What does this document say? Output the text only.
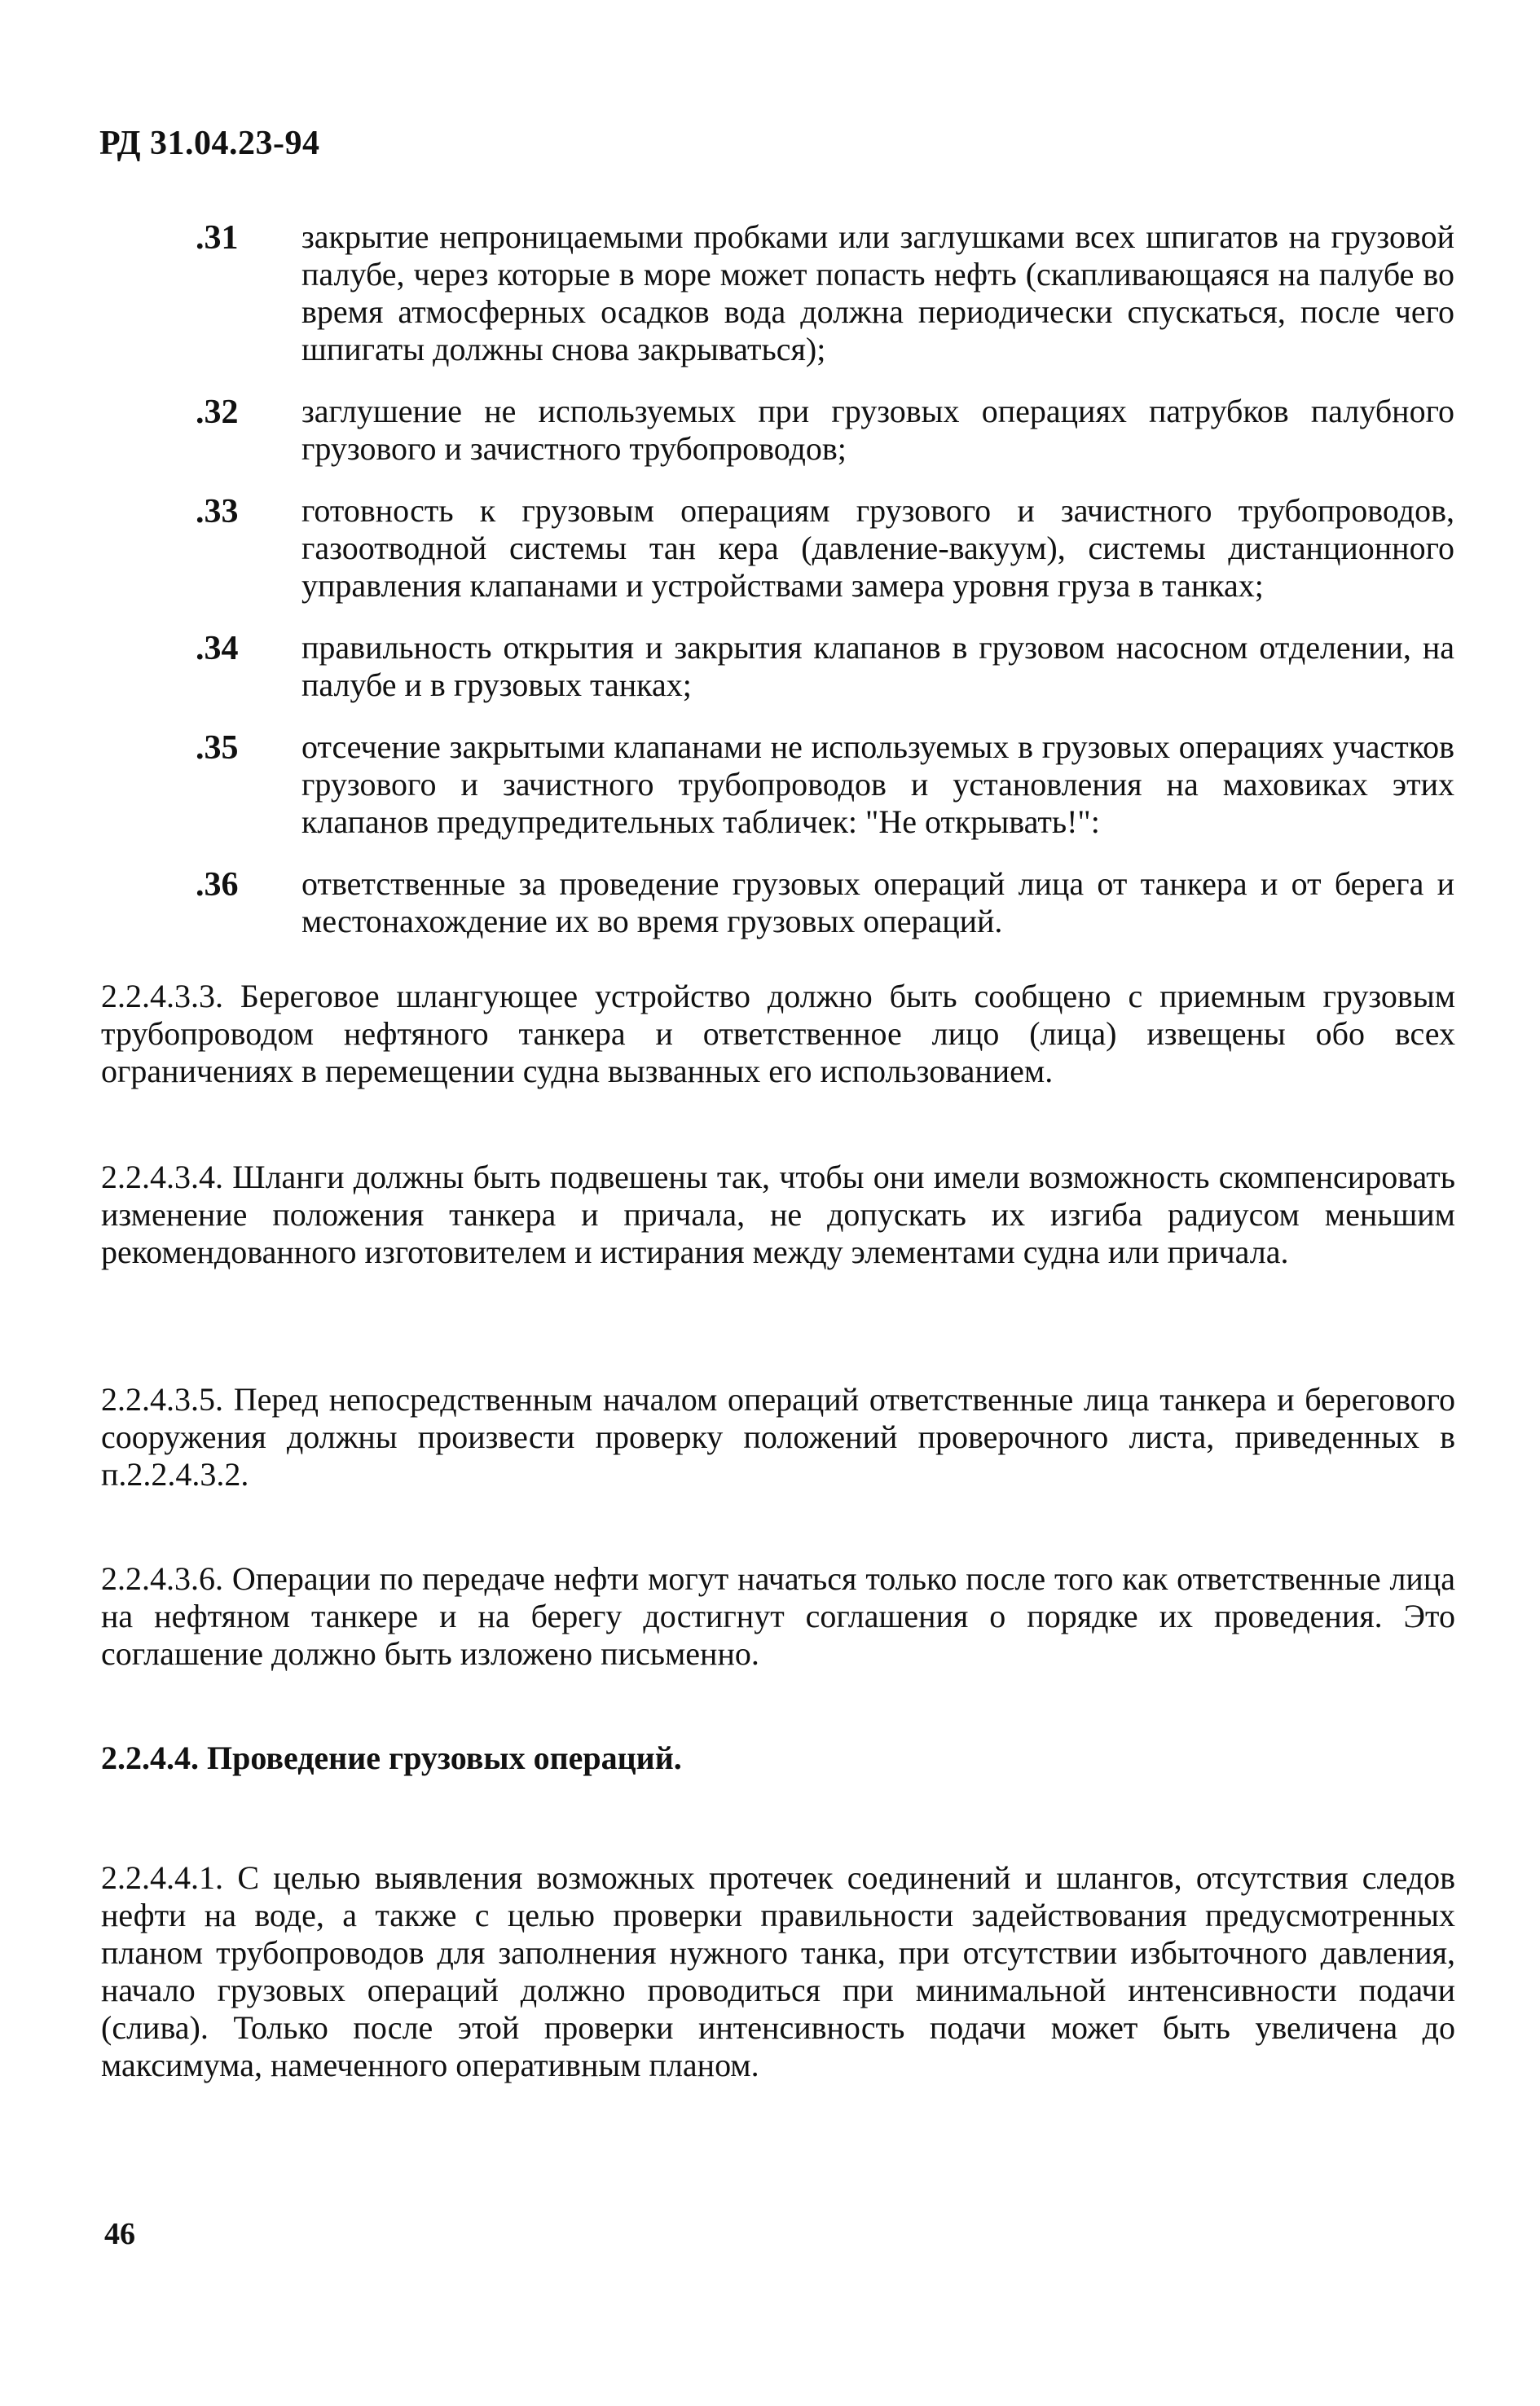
РД 31.04.23-94
.31	закрытие непроницаемыми пробками или заглушками всех шпигатов на грузовой палубе, через которые в море может попасть нефть (скапливающаяся на палубе во время атмосферных осадков вода должна периодически спускаться, после чего шпигаты должны снова закрываться);
.32	заглушение не используемых при грузовых операциях патрубков палубного грузового и зачистного трубопроводов;
.33	готовность к грузовым операциям грузового и зачистного трубопроводов, газоотводной системы тан кера (давление-вакуум), системы дистанционного управления клапанами и устройствами замера уровня груза в танках;
.34	правильность открытия и закрытия клапанов в грузовом насосном отделении, на палубе и в грузовых танках;
.35	отсечение закрытыми клапанами не используемых в грузовых операциях участков грузового и зачистного трубопроводов и установления на маховиках этих клапанов предупредительных табличек: "Не открывать!":
.36	ответственные за проведение грузовых операций лица от танкера и от берега и местонахождение их во время грузовых операций.
2.2.4.3.3. Береговое шлангующее устройство должно быть сообщено с приемным грузовым трубопроводом нефтяного танкера и ответственное лицо (лица) извещены обо всех ограничениях в перемещении судна вызванных его использованием.
2.2.4.3.4. Шланги должны быть подвешены так, чтобы они имели возможность скомпенсировать изменение положения танкера и причала, не допускать их изгиба радиусом меньшим рекомендованного изготовителем и истирания между элементами судна или причала.
2.2.4.3.5. Перед непосредственным началом операций ответственные лица танкера и берегового сооружения должны произвести проверку положений проверочного листа, приведенных в п.2.2.4.3.2.
2.2.4.3.6. Операции по передаче нефти могут начаться только после того как ответственные лица на нефтяном танкере и на берегу достигнут соглашения о порядке их проведения. Это соглашение должно быть изложено письменно.
2.2.4.4. Проведение грузовых операций.
2.2.4.4.1. С целью выявления возможных протечек соединений и шлангов, отсутствия следов нефти на воде, а также с целью проверки правильности задействования предусмотренных планом трубопроводов для заполнения нужного танка, при отсутствии избыточного давления, начало грузовых операций должно проводиться при минимальной интенсивности подачи (слива). Только после этой проверки интенсивность подачи может быть увеличена до максимума, намеченного оперативным планом.
46
